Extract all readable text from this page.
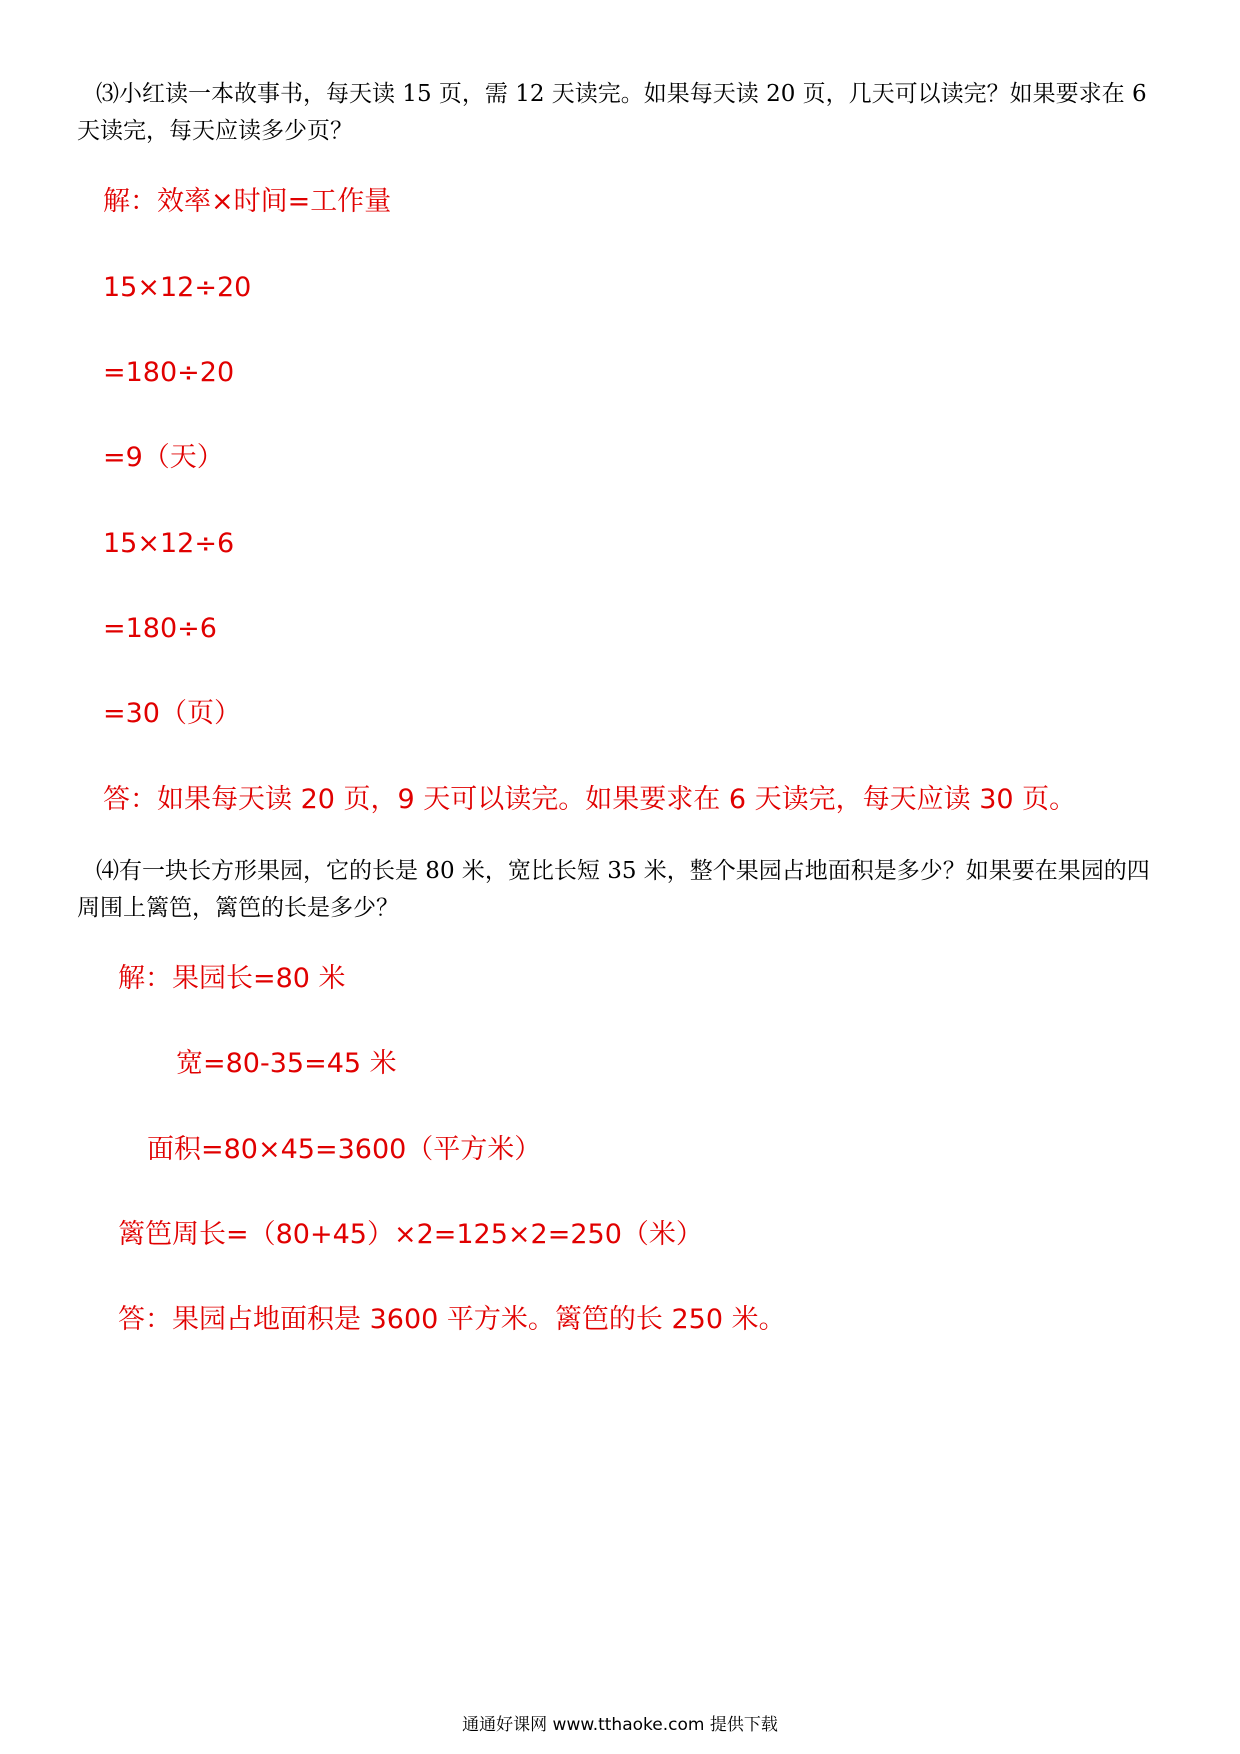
⑶小红读一本故事书，每天读 15 页，需 12 天读完。如果每天读 20 页，几天可以读完？如果要求在 6 天读完，每天应读多少页？
解：效率×时间=工作量
15×12÷20
=180÷20
=9（天）
15×12÷6
=180÷6
=30（页）
答：如果每天读 20 页，9 天可以读完。如果要求在 6 天读完，每天应读 30 页。
⑷有一块长方形果园，它的长是 80 米，宽比长短 35 米，整个果园占地面积是多少？如果要在果园的四周围上篱笆，篱笆的长是多少？
解：果园长=80 米
宽=80-35=45 米
面积=80×45=3600（平方米）
篱笆周长=（80+45）×2=125×2=250（米）
答：果园占地面积是 3600 平方米。篱笆的长 250 米。
通通好课网 www.tthaoke.com 提供下载
